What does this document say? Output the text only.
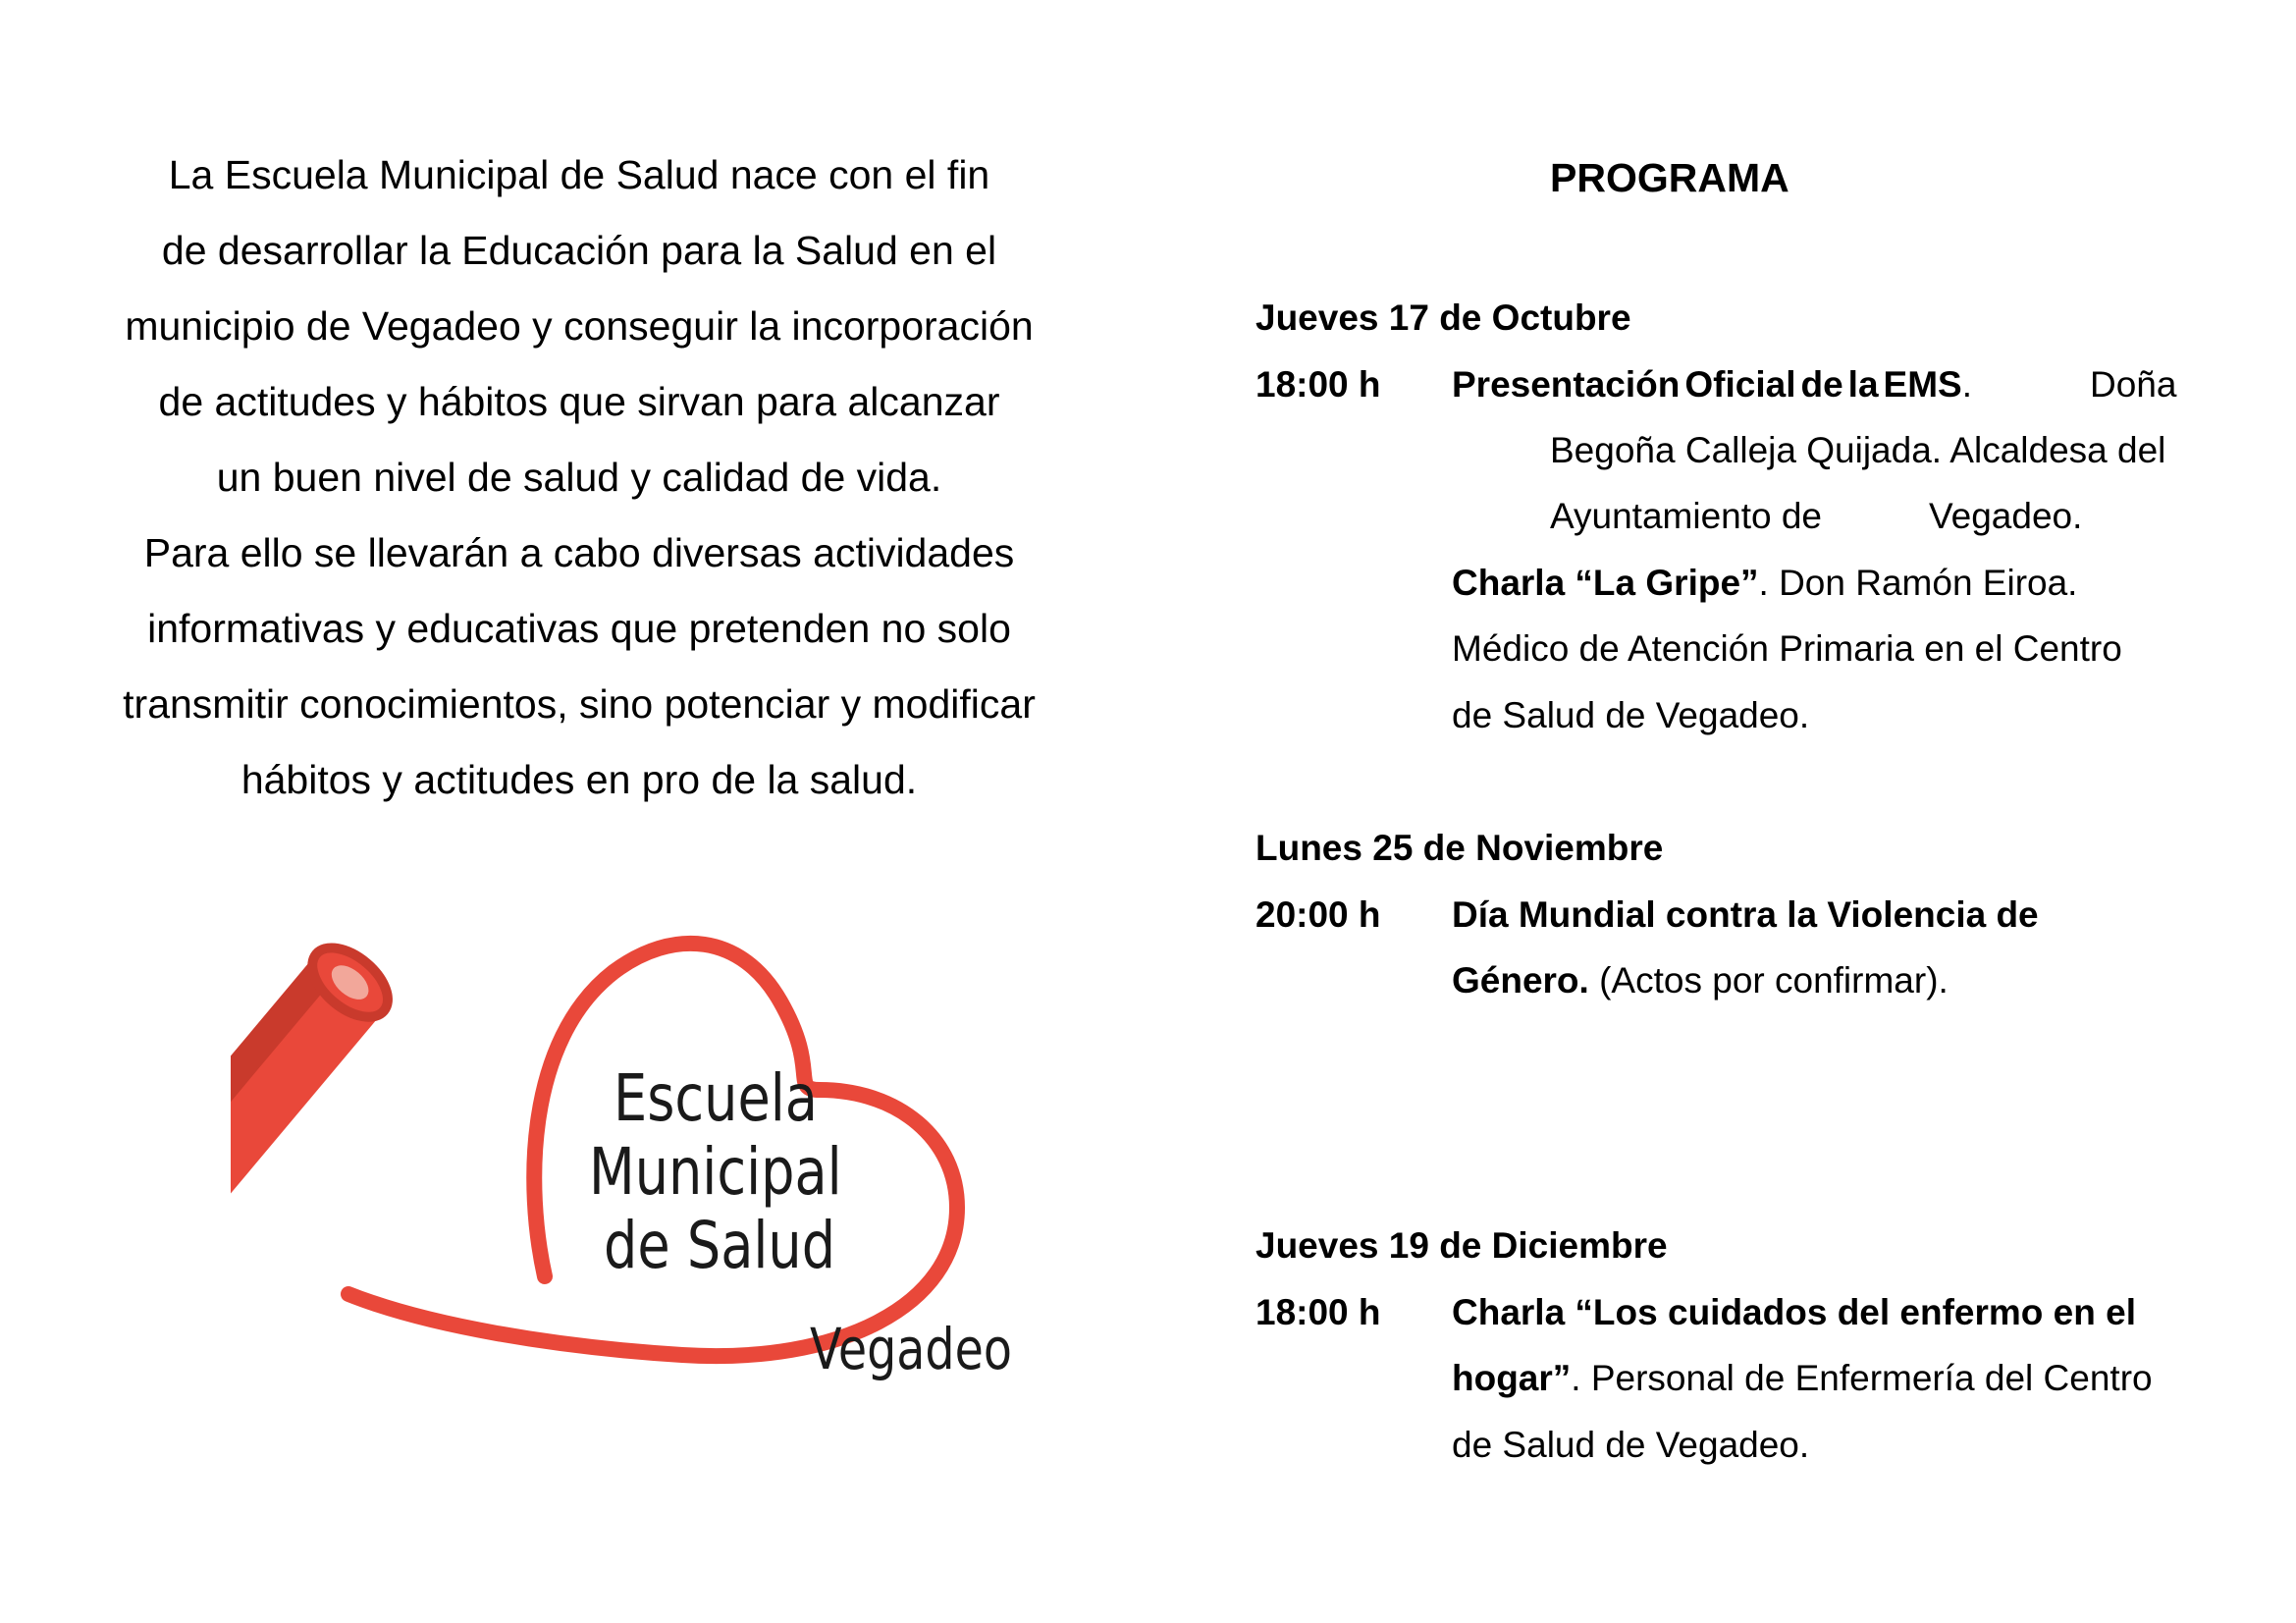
La Escuela Municipal de Salud nace con el fin
de desarrollar la Educación para la Salud en el
municipio de Vegadeo y conseguir la incorporación
de actitudes y hábitos que sirvan para alcanzar
un buen nivel de salud y calidad de vida.
Para ello se llevarán a cabo diversas actividades
informativas y educativas que pretenden no solo
transmitir conocimientos, sino potenciar y modificar
hábitos y actitudes en pro de la salud.
Escuela
Municipal
de Salud
Vegadeo
PROGRAMA
Jueves 17 de Octubre
18:00 h Presentación Oficial de la EMS .	Doña
Begoña Calleja Quijada. Alcaldesa del
Ayuntamiento de	Vegadeo.
Charla “La Gripe”. Don Ramón Eiroa.
Médico de Atención Primaria en el Centro
de Salud de Vegadeo.
Lunes 25 de Noviembre
20:00 h Día Mundial contra la Violencia de
Género. (Actos por confirmar).
Jueves 19 de Diciembre
18:00 h Charla “Los cuidados del enfermo en el
hogar”. Personal de Enfermería del Centro
de Salud de Vegadeo.
